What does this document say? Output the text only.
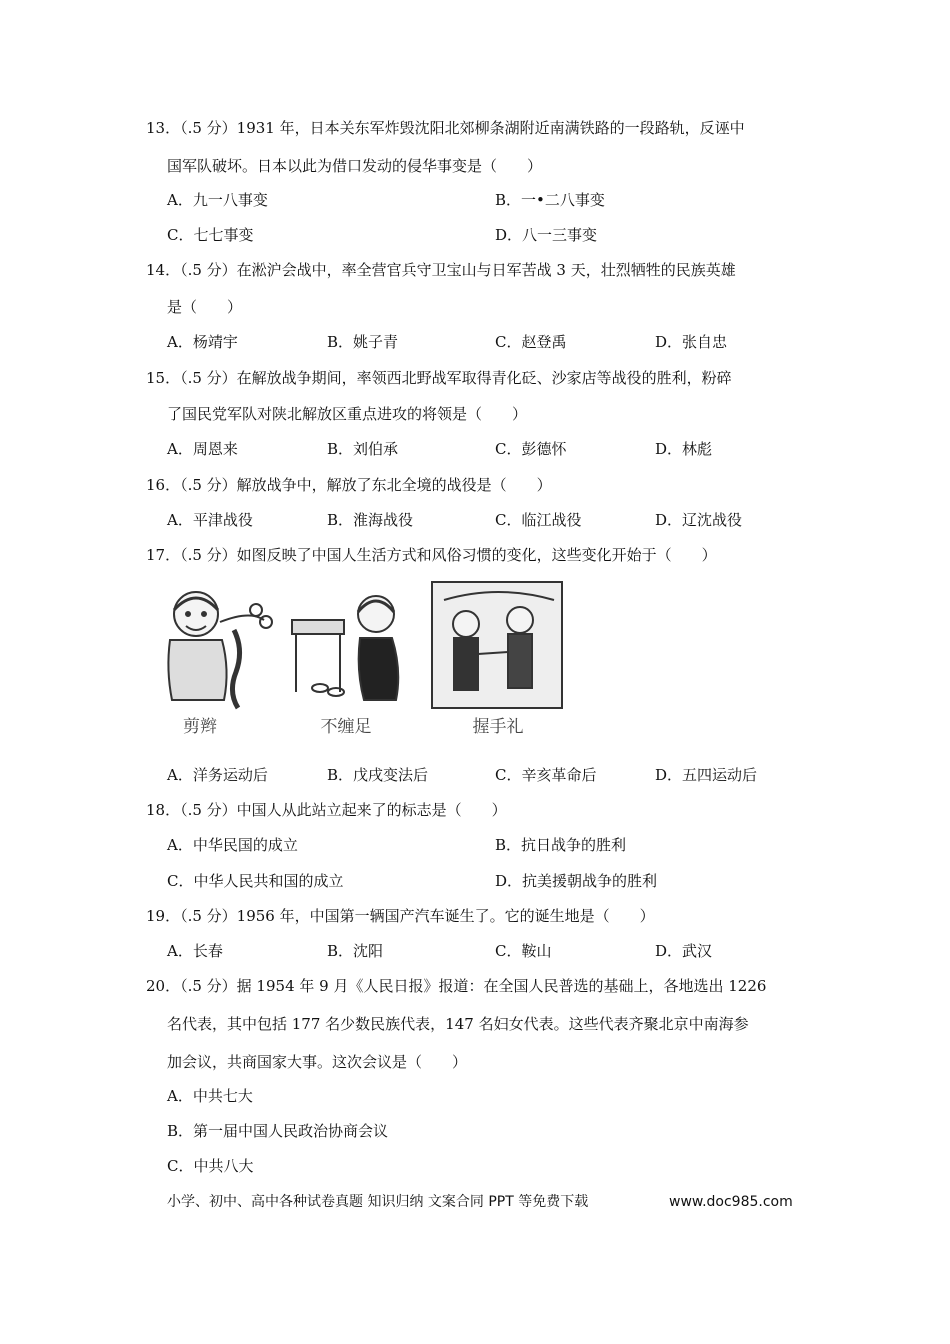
13．（.5 分）1931 年，日本关东军炸毁沈阳北郊柳条湖附近南满铁路的一段路轨，反诬中
国军队破坏。日本以此为借口发动的侵华事变是（　　）
A．九一八事变	B．一•二八事变
C．七七事变	D．八一三事变
14．（.5 分）在淞沪会战中，率全营官兵守卫宝山与日军苦战 3 天，壮烈牺牲的民族英雄
是（　　）
A．杨靖宇	B．姚子青	C．赵登禹	D．张自忠
15．（.5 分）在解放战争期间，率领西北野战军取得青化砭、沙家店等战役的胜利，粉碎
了国民党军队对陕北解放区重点进攻的将领是（　　）
A．周恩来	B．刘伯承	C．彭德怀	D．林彪
16．（.5 分）解放战争中，解放了东北全境的战役是（　　）
A．平津战役	B．淮海战役	C．临江战役	D．辽沈战役
17．（.5 分）如图反映了中国人生活方式和风俗习惯的变化，这些变化开始于（　　）
剪辫	不缠足	握手礼
A．洋务运动后	B．戊戌变法后	C．辛亥革命后	D．五四运动后
18．（.5 分）中国人从此站立起来了的标志是（　　）
A．中华民国的成立	B．抗日战争的胜利
C．中华人民共和国的成立	D．抗美援朝战争的胜利
19．（.5 分）1956 年，中国第一辆国产汽车诞生了。它的诞生地是（　　）
A．长春	B．沈阳	C．鞍山	D．武汉
20．（.5 分）据 1954 年 9 月《人民日报》报道：在全国人民普选的基础上，各地选出 1226
名代表，其中包括 177 名少数民族代表，147 名妇女代表。这些代表齐聚北京中南海参
加会议，共商国家大事。这次会议是（　　）
A．中共七大
B．第一届中国人民政治协商会议
C．中共八大
小学、初中、高中各种试卷真题 知识归纳 文案合同 PPT 等免费下载	www.doc985.com
